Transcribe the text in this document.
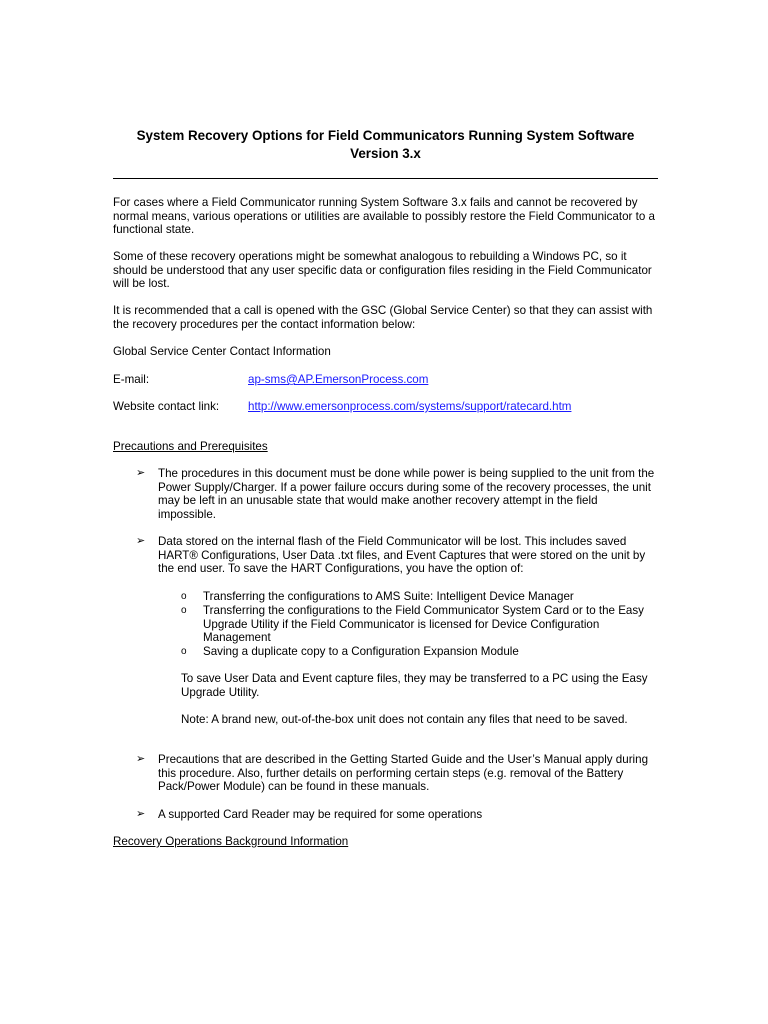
System Recovery Options for Field Communicators Running System Software Version 3.x

For cases where a Field Communicator running System Software 3.x fails and cannot be recovered by normal means, various operations or utilities are available to possibly restore the Field Communicator to a functional state.

Some of these recovery operations might be somewhat analogous to rebuilding a Windows PC, so it should be understood that any user specific data or configuration files residing in the Field Communicator will be lost.

It is recommended that a call is opened with the GSC (Global Service Center) so that they can assist with the recovery procedures per the contact information below:

Global Service Center Contact Information
E-mail:	ap-sms@AP.EmersonProcess.com
Website contact link: http://www.emersonprocess.com/systems/support/ratecard.htm
Precautions and Prerequisites
➢ The procedures in this document must be done while power is being supplied to the unit from the Power Supply/Charger. If a power failure occurs during some of the recovery processes, the unit may be left in an unusable state that would make another recovery attempt in the field impossible.
➢ Data stored on the internal flash of the Field Communicator will be lost. This includes saved HART® Configurations, User Data .txt files, and Event Captures that were stored on the unit by the end user. To save the HART Configurations, you have the option of:
o Transferring the configurations to AMS Suite: Intelligent Device Manager
o Transferring the configurations to the Field Communicator System Card or to the Easy Upgrade Utility if the Field Communicator is licensed for Device Configuration Management
o Saving a duplicate copy to a Configuration Expansion Module
To save User Data and Event capture files, they may be transferred to a PC using the Easy Upgrade Utility.
Note: A brand new, out-of-the-box unit does not contain any files that need to be saved.
➢ Precautions that are described in the Getting Started Guide and the User’s Manual apply during this procedure. Also, further details on performing certain steps (e.g. removal of the Battery Pack/Power Module) can be found in these manuals.
➢ A supported Card Reader may be required for some operations
Recovery Operations Background Information
